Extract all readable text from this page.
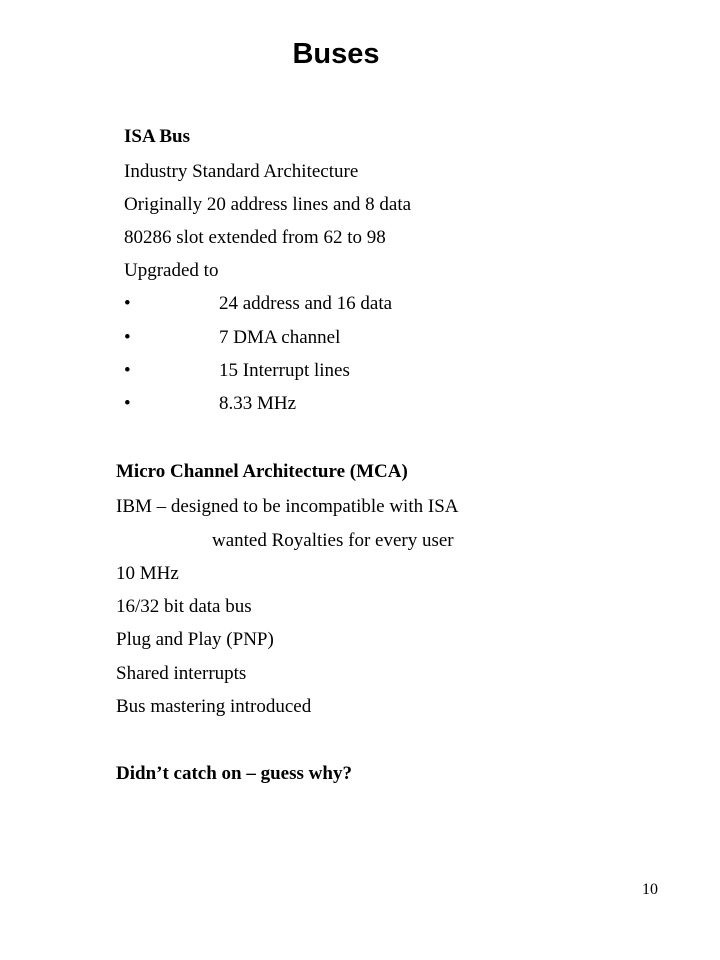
Buses

ISA Bus

Industry Standard Architecture

Originally 20 address lines and 8 data

80286 slot extended from 62 to 98

Upgraded to

•	24 address and 16 data

•	7 DMA channel

•	15 Interrupt lines

•	8.33 MHz

Micro Channel Architecture (MCA)

IBM – designed to be incompatible with ISA

wanted Royalties for every user

10 MHz

16/32 bit data bus

Plug and Play (PNP)

Shared interrupts

Bus mastering introduced

Didn’t catch on – guess why?

10
